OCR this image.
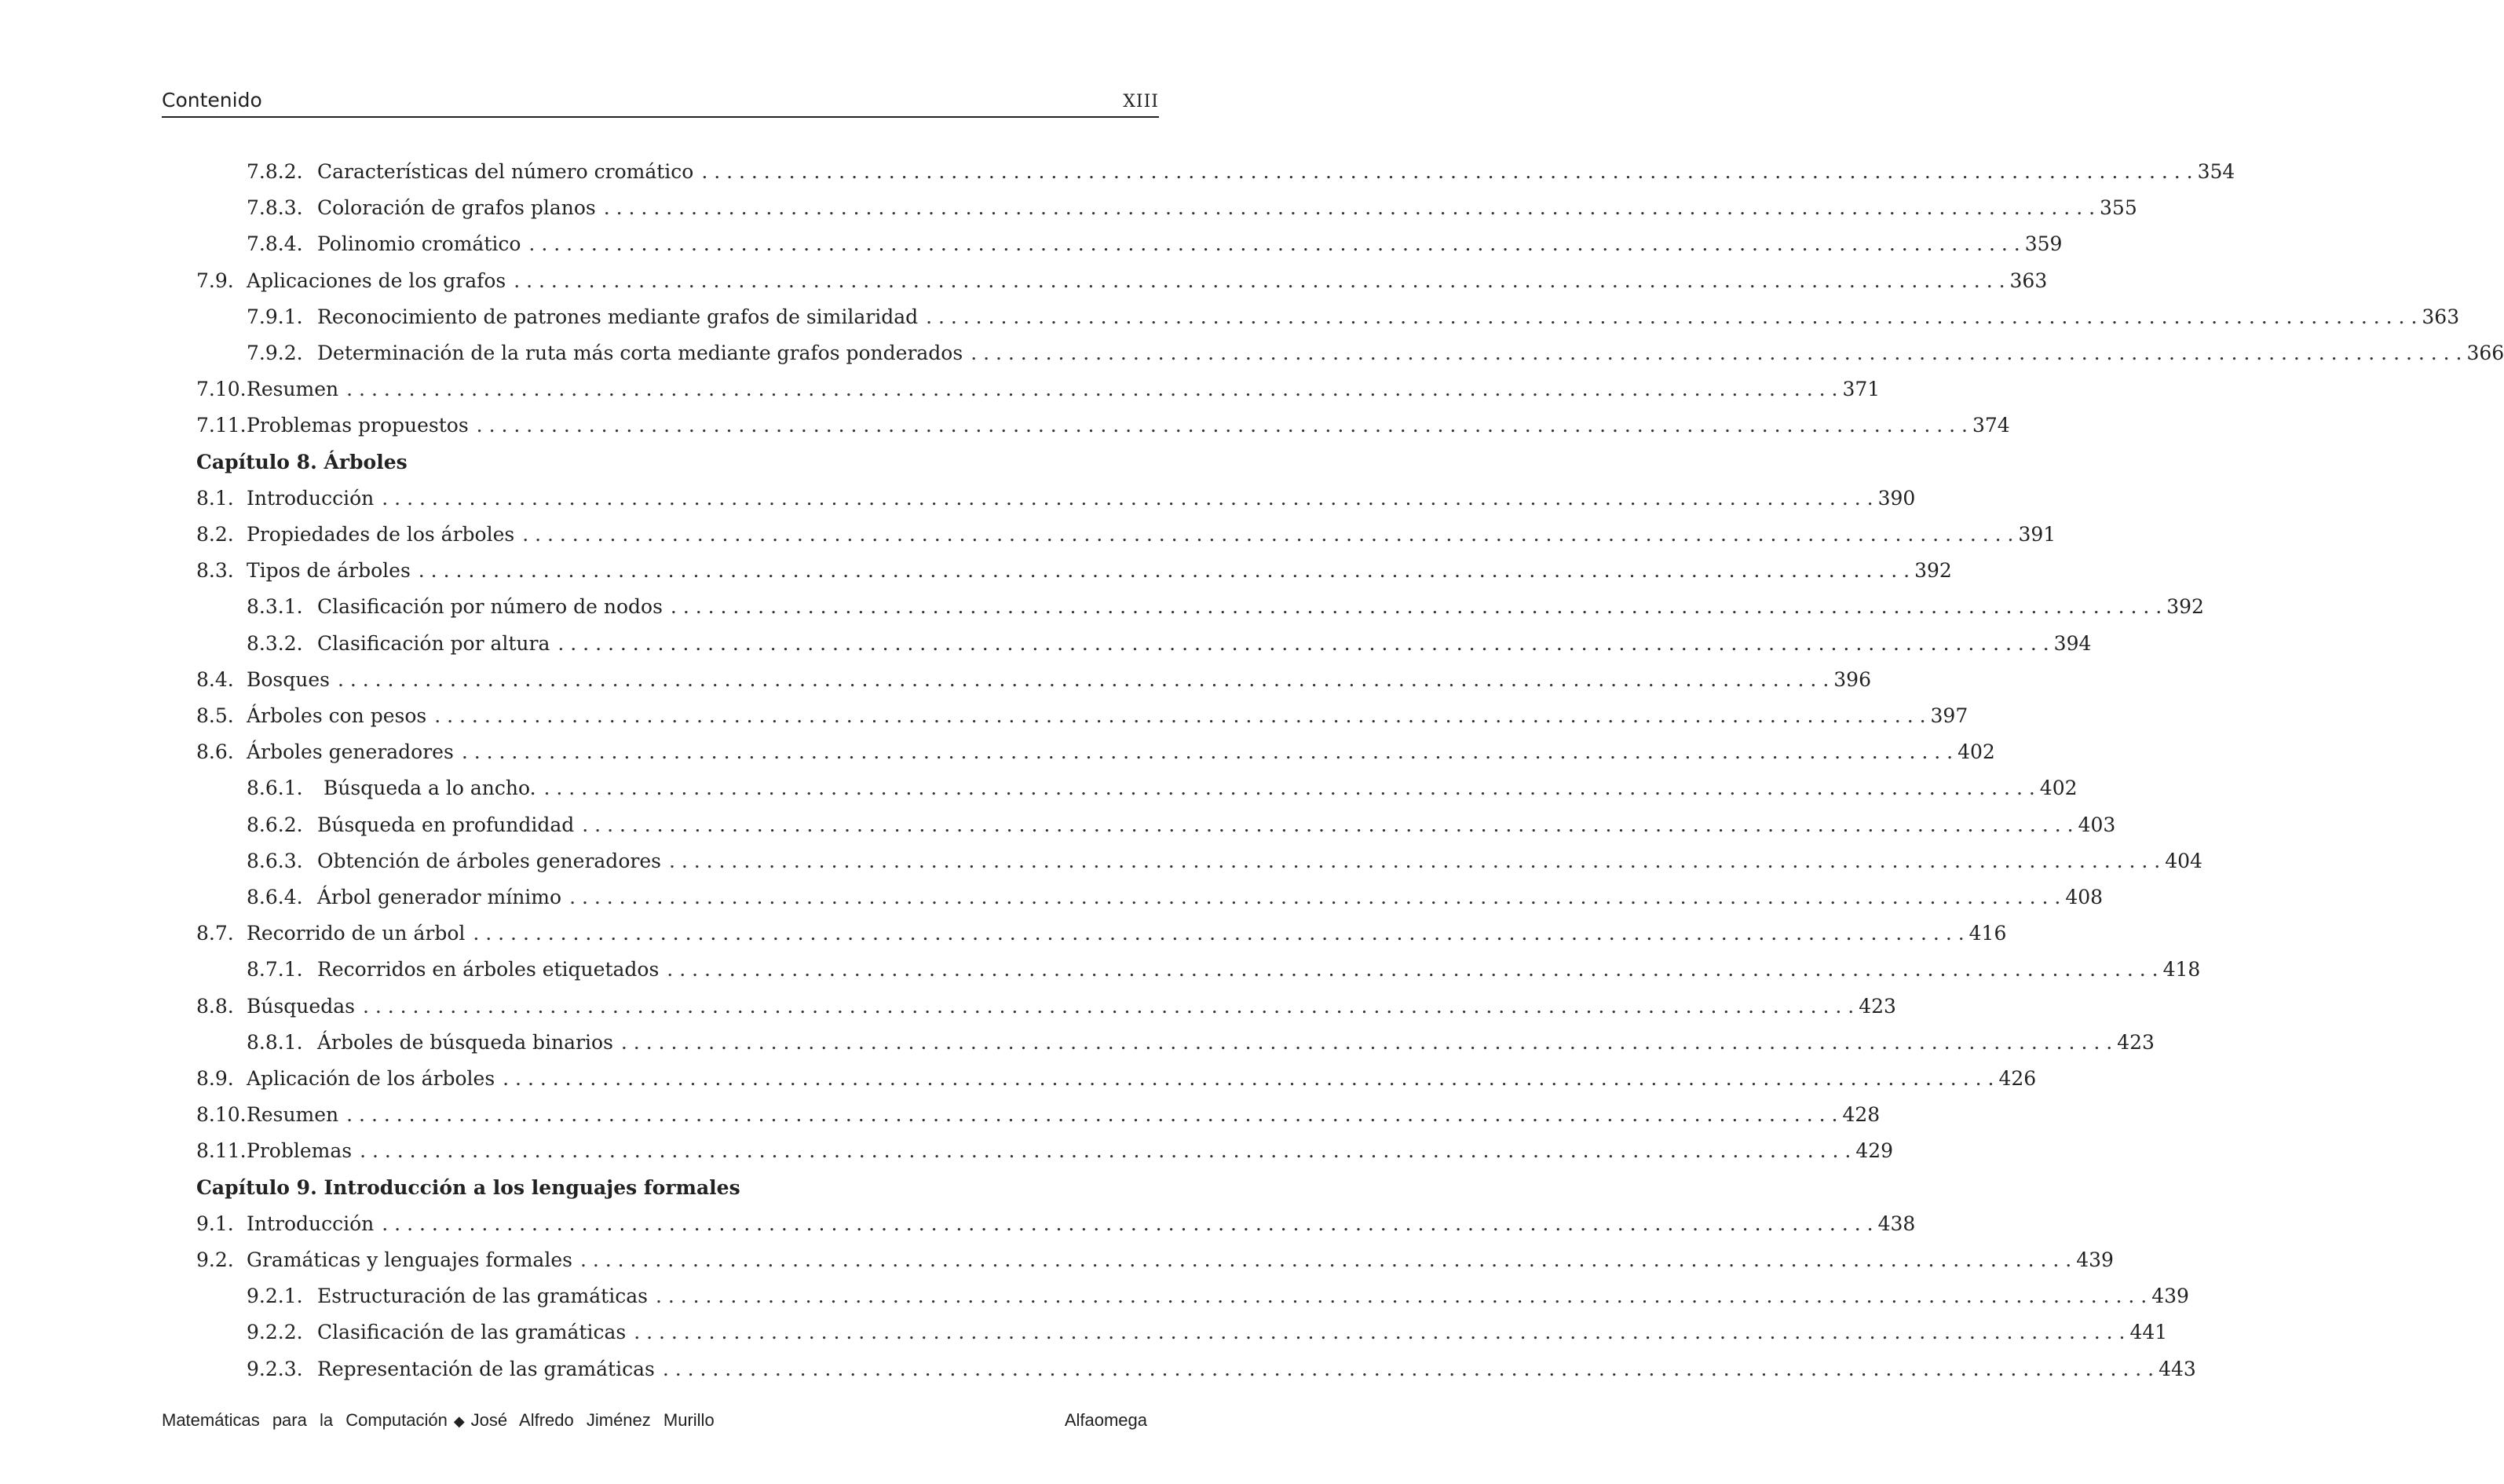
Contenido	XIII
7.8.2. Características del número cromático . . . . . . . . . . . . . . . . . . . . . . . . . . . . . . . . . . . . . . . . . . . . . . . . . . . . . . . . . . . . . . . . . . . . . . . . . . . . . . . . . . . . . . . . . . . . . . . . . . . . . . . . . . . . . . . . . . . . . . . . 354
7.8.3. Coloración de grafos planos . . . . . . . . . . . . . . . . . . . . . . . . . . . . . . . . . . . . . . . . . . . . . . . . . . . . . . . . . . . . . . . . . . . . . . . . . . . . . . . . . . . . . . . . . . . . . . . . . . . . . . . . . . . . . . . . . . . . . . . . 355
7.8.4. Polinomio cromático . . . . . . . . . . . . . . . . . . . . . . . . . . . . . . . . . . . . . . . . . . . . . . . . . . . . . . . . . . . . . . . . . . . . . . . . . . . . . . . . . . . . . . . . . . . . . . . . . . . . . . . . . . . . . . . . . . . . . . . . 359
7.9. Aplicaciones de los grafos . . . . . . . . . . . . . . . . . . . . . . . . . . . . . . . . . . . . . . . . . . . . . . . . . . . . . . . . . . . . . . . . . . . . . . . . . . . . . . . . . . . . . . . . . . . . . . . . . . . . . . . . . . . . . . . . . . . . . . . . 363
7.9.1. Reconocimiento de patrones mediante grafos de similaridad . . . . . . . . . . . . . . . . . . . . . . . . . . . . . . . . . . . . . . . . . . . . . . . . . . . . . . . . . . . . . . . . . . . . . . . . . . . . . . . . . . . . . . . . . . . . . . . . . . . . . . . . . . . . . . . . . . . . . . . . 363
7.9.2. Determinación de la ruta más corta mediante grafos ponderados . . . . . . . . . . . . . . . . . . . . . . . . . . . . . . . . . . . . . . . . . . . . . . . . . . . . . . . . . . . . . . . . . . . . . . . . . . . . . . . . . . . . . . . . . . . . . . . . . . . . . . . . . . . . . . . . . . . . . . . . 366
7.10. Resumen . . . . . . . . . . . . . . . . . . . . . . . . . . . . . . . . . . . . . . . . . . . . . . . . . . . . . . . . . . . . . . . . . . . . . . . . . . . . . . . . . . . . . . . . . . . . . . . . . . . . . . . . . . . . . . . . . . . . . . . . 371
7.11. Problemas propuestos . . . . . . . . . . . . . . . . . . . . . . . . . . . . . . . . . . . . . . . . . . . . . . . . . . . . . . . . . . . . . . . . . . . . . . . . . . . . . . . . . . . . . . . . . . . . . . . . . . . . . . . . . . . . . . . . . . . . . . . . 374
Capítulo 8. Árboles
8.1. Introducción . . . . . . . . . . . . . . . . . . . . . . . . . . . . . . . . . . . . . . . . . . . . . . . . . . . . . . . . . . . . . . . . . . . . . . . . . . . . . . . . . . . . . . . . . . . . . . . . . . . . . . . . . . . . . . . . . . . . . . . . 390
8.2. Propiedades de los árboles . . . . . . . . . . . . . . . . . . . . . . . . . . . . . . . . . . . . . . . . . . . . . . . . . . . . . . . . . . . . . . . . . . . . . . . . . . . . . . . . . . . . . . . . . . . . . . . . . . . . . . . . . . . . . . . . . . . . . . . . 391
8.3. Tipos de árboles . . . . . . . . . . . . . . . . . . . . . . . . . . . . . . . . . . . . . . . . . . . . . . . . . . . . . . . . . . . . . . . . . . . . . . . . . . . . . . . . . . . . . . . . . . . . . . . . . . . . . . . . . . . . . . . . . . . . . . . . 392
8.3.1. Clasificación por número de nodos . . . . . . . . . . . . . . . . . . . . . . . . . . . . . . . . . . . . . . . . . . . . . . . . . . . . . . . . . . . . . . . . . . . . . . . . . . . . . . . . . . . . . . . . . . . . . . . . . . . . . . . . . . . . . . . . . . . . . . . . 392
8.3.2. Clasificación por altura . . . . . . . . . . . . . . . . . . . . . . . . . . . . . . . . . . . . . . . . . . . . . . . . . . . . . . . . . . . . . . . . . . . . . . . . . . . . . . . . . . . . . . . . . . . . . . . . . . . . . . . . . . . . . . . . . . . . . . . . 394
8.4. Bosques . . . . . . . . . . . . . . . . . . . . . . . . . . . . . . . . . . . . . . . . . . . . . . . . . . . . . . . . . . . . . . . . . . . . . . . . . . . . . . . . . . . . . . . . . . . . . . . . . . . . . . . . . . . . . . . . . . . . . . . . 396
8.5. Árboles con pesos . . . . . . . . . . . . . . . . . . . . . . . . . . . . . . . . . . . . . . . . . . . . . . . . . . . . . . . . . . . . . . . . . . . . . . . . . . . . . . . . . . . . . . . . . . . . . . . . . . . . . . . . . . . . . . . . . . . . . . . . 397
8.6. Árboles generadores . . . . . . . . . . . . . . . . . . . . . . . . . . . . . . . . . . . . . . . . . . . . . . . . . . . . . . . . . . . . . . . . . . . . . . . . . . . . . . . . . . . . . . . . . . . . . . . . . . . . . . . . . . . . . . . . . . . . . . . . 402
8.6.1. Búsqueda a lo ancho. . . . . . . . . . . . . . . . . . . . . . . . . . . . . . . . . . . . . . . . . . . . . . . . . . . . . . . . . . . . . . . . . . . . . . . . . . . . . . . . . . . . . . . . . . . . . . . . . . . . . . . . . . . . . . . . . . . . . . . . . 402
8.6.2. Búsqueda en profundidad . . . . . . . . . . . . . . . . . . . . . . . . . . . . . . . . . . . . . . . . . . . . . . . . . . . . . . . . . . . . . . . . . . . . . . . . . . . . . . . . . . . . . . . . . . . . . . . . . . . . . . . . . . . . . . . . . . . . . . . . 403
8.6.3. Obtención de árboles generadores . . . . . . . . . . . . . . . . . . . . . . . . . . . . . . . . . . . . . . . . . . . . . . . . . . . . . . . . . . . . . . . . . . . . . . . . . . . . . . . . . . . . . . . . . . . . . . . . . . . . . . . . . . . . . . . . . . . . . . . . 404
8.6.4. Árbol generador mínimo . . . . . . . . . . . . . . . . . . . . . . . . . . . . . . . . . . . . . . . . . . . . . . . . . . . . . . . . . . . . . . . . . . . . . . . . . . . . . . . . . . . . . . . . . . . . . . . . . . . . . . . . . . . . . . . . . . . . . . . . 408
8.7. Recorrido de un árbol . . . . . . . . . . . . . . . . . . . . . . . . . . . . . . . . . . . . . . . . . . . . . . . . . . . . . . . . . . . . . . . . . . . . . . . . . . . . . . . . . . . . . . . . . . . . . . . . . . . . . . . . . . . . . . . . . . . . . . . . 416
8.7.1. Recorridos en árboles etiquetados . . . . . . . . . . . . . . . . . . . . . . . . . . . . . . . . . . . . . . . . . . . . . . . . . . . . . . . . . . . . . . . . . . . . . . . . . . . . . . . . . . . . . . . . . . . . . . . . . . . . . . . . . . . . . . . . . . . . . . . . 418
8.8. Búsquedas . . . . . . . . . . . . . . . . . . . . . . . . . . . . . . . . . . . . . . . . . . . . . . . . . . . . . . . . . . . . . . . . . . . . . . . . . . . . . . . . . . . . . . . . . . . . . . . . . . . . . . . . . . . . . . . . . . . . . . . . 423
8.8.1. Árboles de búsqueda binarios . . . . . . . . . . . . . . . . . . . . . . . . . . . . . . . . . . . . . . . . . . . . . . . . . . . . . . . . . . . . . . . . . . . . . . . . . . . . . . . . . . . . . . . . . . . . . . . . . . . . . . . . . . . . . . . . . . . . . . . . 423
8.9. Aplicación de los árboles . . . . . . . . . . . . . . . . . . . . . . . . . . . . . . . . . . . . . . . . . . . . . . . . . . . . . . . . . . . . . . . . . . . . . . . . . . . . . . . . . . . . . . . . . . . . . . . . . . . . . . . . . . . . . . . . . . . . . . . . 426
8.10. Resumen . . . . . . . . . . . . . . . . . . . . . . . . . . . . . . . . . . . . . . . . . . . . . . . . . . . . . . . . . . . . . . . . . . . . . . . . . . . . . . . . . . . . . . . . . . . . . . . . . . . . . . . . . . . . . . . . . . . . . . . . 428
8.11. Problemas . . . . . . . . . . . . . . . . . . . . . . . . . . . . . . . . . . . . . . . . . . . . . . . . . . . . . . . . . . . . . . . . . . . . . . . . . . . . . . . . . . . . . . . . . . . . . . . . . . . . . . . . . . . . . . . . . . . . . . . . 429
Capítulo 9. Introducción a los lenguajes formales
9.1. Introducción . . . . . . . . . . . . . . . . . . . . . . . . . . . . . . . . . . . . . . . . . . . . . . . . . . . . . . . . . . . . . . . . . . . . . . . . . . . . . . . . . . . . . . . . . . . . . . . . . . . . . . . . . . . . . . . . . . . . . . . . 438
9.2. Gramáticas y lenguajes formales . . . . . . . . . . . . . . . . . . . . . . . . . . . . . . . . . . . . . . . . . . . . . . . . . . . . . . . . . . . . . . . . . . . . . . . . . . . . . . . . . . . . . . . . . . . . . . . . . . . . . . . . . . . . . . . . . . . . . . . . 439
9.2.1. Estructuración de las gramáticas . . . . . . . . . . . . . . . . . . . . . . . . . . . . . . . . . . . . . . . . . . . . . . . . . . . . . . . . . . . . . . . . . . . . . . . . . . . . . . . . . . . . . . . . . . . . . . . . . . . . . . . . . . . . . . . . . . . . . . . . 439
9.2.2. Clasificación de las gramáticas . . . . . . . . . . . . . . . . . . . . . . . . . . . . . . . . . . . . . . . . . . . . . . . . . . . . . . . . . . . . . . . . . . . . . . . . . . . . . . . . . . . . . . . . . . . . . . . . . . . . . . . . . . . . . . . . . . . . . . . . 441
9.2.3. Representación de las gramáticas . . . . . . . . . . . . . . . . . . . . . . . . . . . . . . . . . . . . . . . . . . . . . . . . . . . . . . . . . . . . . . . . . . . . . . . . . . . . . . . . . . . . . . . . . . . . . . . . . . . . . . . . . . . . . . . . . . . . . . . . 443
Matemáticas para la Computación ◆ José Alfredo Jiménez Murillo	Alfaomega
